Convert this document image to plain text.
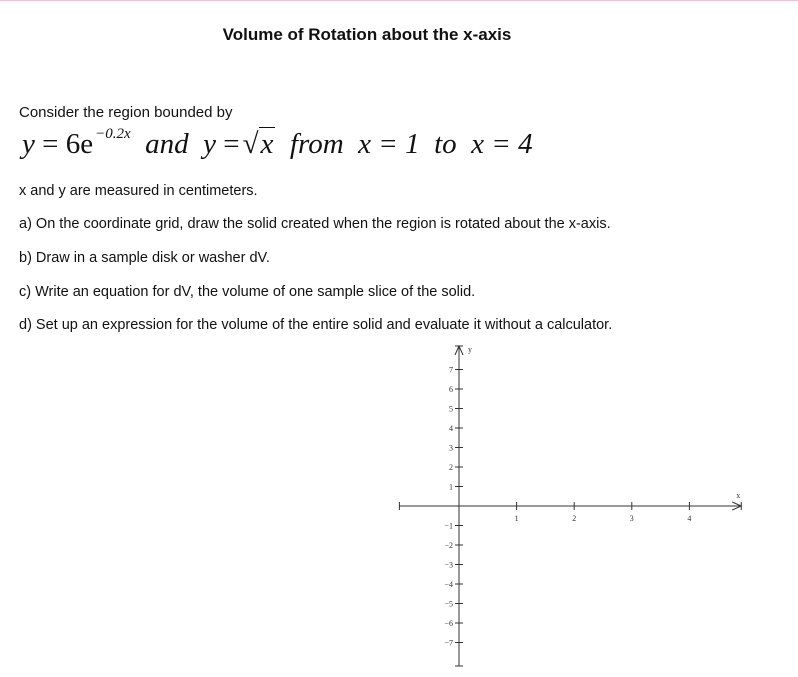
Volume of Rotation about the x-axis
Consider the region bounded by
y = 6e $^{-0.2x}$ and y = √x from x = 1 to x = 4
x and y are measured in centimeters.
a) On the coordinate grid, draw the solid created when the region is rotated about the x-axis.
b) Draw in a sample disk or washer dV.
c) Write an equation for dV, the volume of one sample slice of the solid.
d) Set up an expression for the volume of the entire solid and evaluate it without a calculator.
x
y
1	2	3	4
1
2
3
4
5
6
7
−1
−2
−3
−4
−5
−6
−7
